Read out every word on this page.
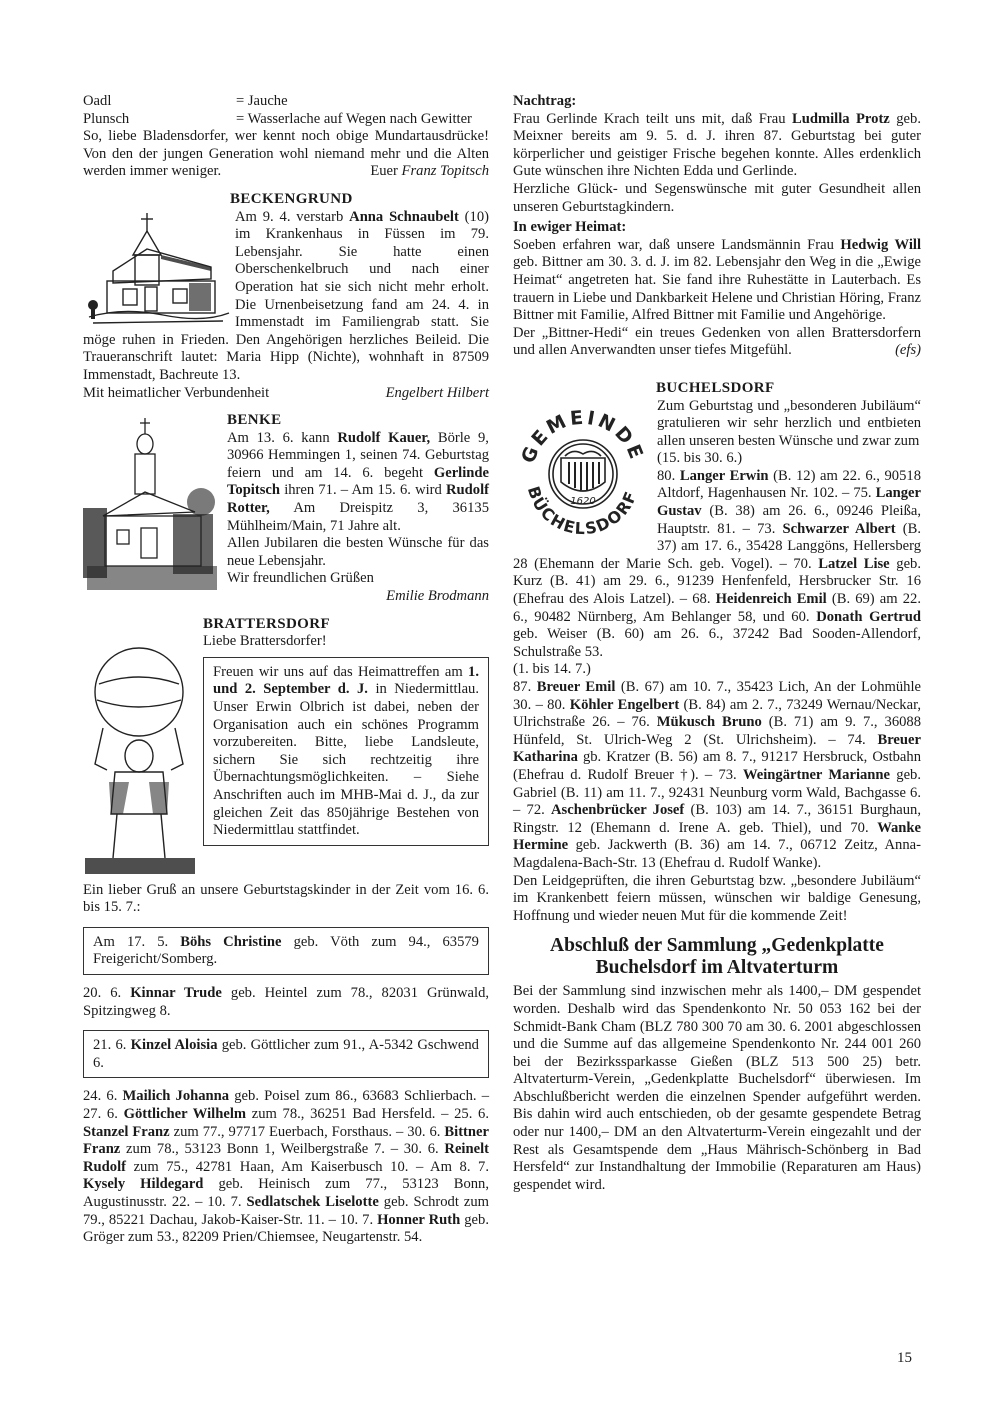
Oadl	= Jauche
Plunsch	= Wasserlache auf Wegen nach Gewitter

So, liebe Bladensdorfer, wer kennt noch obige Mundartausdrücke! Von den der jungen Generation wohl niemand mehr und die Alten werden immer weniger.	Euer Franz Topitsch

BECKENGRUND

Am 9. 4. verstarb Anna Schnaubelt (10) im Krankenhaus in Füssen im 79. Lebensjahr. Sie hatte einen Oberschenkelbruch und nach einer Operation hat sie sich nicht mehr erholt. Die Urnenbeisetzung fand am 24. 4. in Immenstadt im Familiengrab statt. Sie möge ruhen in Frieden. Den Angehörigen herzliches Beileid. Die Traueranschrift lautet: Maria Hipp (Nichte), wohnhaft in 87509 Immenstadt, Bachreute 13.

Mit heimatlicher Verbundenheit	Engelbert Hilbert
BENKE

Am 13. 6. kann Rudolf Kauer, Börle 9, 30966 Hemmingen 1, seinen 74. Geburtstag feiern und am 14. 6. begeht Gerlinde Topitsch ihren 71. – Am 15. 6. wird Rudolf Rotter, Am Dreispitz 3, 36135 Mühlheim/Main, 71 Jahre alt.

Allen Jubilaren die besten Wünsche für das neue Lebensjahr.

Wir freundlichen Grüßen

Emilie Brodmann

BRATTERSDORF

Liebe Brattersdorfer!

Freuen wir uns auf das Heimattreffen am 1. und 2. September d. J. in Niedermittlau. Unser Erwin Olbrich ist dabei, neben der Organisation auch ein schönes Programm vorzubereiten. Bitte, liebe Landsleute, sichern Sie sich rechtzeitig ihre Übernachtungsmöglichkeiten. – Siehe Anschriften auch im MHB-Mai d. J., da zur gleichen Zeit das 850jährige Bestehen von Niedermittlau stattfindet.

Ein lieber Gruß an unsere Geburtstagskinder in der Zeit vom 16. 6. bis 15. 7.:

Am 17. 5. Böhs Christine geb. Vöth zum 94., 63579 Freigericht/Somberg.

20. 6. Kinnar Trude geb. Heintel zum 78., 82031 Grünwald, Spitzingweg 8.

21. 6. Kinzel Aloisia geb. Göttlicher zum 91., A-5342 Gschwend 6.

24. 6. Mailich Johanna geb. Poisel zum 86., 63683 Schlierbach. – 27. 6. Göttlicher Wilhelm zum 78., 36251 Bad Hersfeld. – 25. 6. Stanzel Franz zum 77., 97717 Euerbach, Forsthaus. – 30. 6. Bittner Franz zum 78., 53123 Bonn 1, Weilbergstraße 7. – 30. 6. Reinelt Rudolf zum 75., 42781 Haan, Am Kaiserbusch 10. – Am 8. 7. Kysely Hildegard geb. Heinisch zum 77., 53123 Bonn, Augustinusstr. 22. – 10. 7. Sedlatschek Liselotte geb. Schrodt zum 79., 85221 Dachau, Jakob-Kaiser-Str. 11. – 10. 7. Honner Ruth geb. Gröger zum 53., 82209 Prien/Chiemsee, Neugartenstr. 54.

Nachtrag:

Frau Gerlinde Krach teilt uns mit, daß Frau Ludmilla Protz geb. Meixner bereits am 9. 5. d. J. ihren 87. Geburtstag bei guter körperlicher und geistiger Frische begehen konnte. Alles erdenklich Gute wünschen ihre Nichten Edda und Gerlinde.

Herzliche Glück- und Segenswünsche mit guter Gesundheit allen unseren Geburtstagkindern.

In ewiger Heimat:

Soeben erfahren war, daß unsere Landsmännin Frau Hedwig Will geb. Bittner am 30. 3. d. J. im 82. Lebensjahr den Weg in die „Ewige Heimat“ angetreten hat. Sie fand ihre Ruhestätte in Lauterbach. Es trauern in Liebe und Dankbarkeit Helene und Christian Höring, Franz Bittner mit Familie, Alfred Bittner mit Familie und Angehörige.

Der „Bittner-Hedi“ ein treues Gedenken von allen Brattersdorfern und allen Anverwandten unser tiefes Mitgefühl.	(efs)

BUCHELSDORF
GEMEINDE
BÜCHELSDORF
1620

Zum Geburtstag und „besonderen Jubiläum“ gratulieren wir sehr herzlich und entbieten allen unseren besten Wünsche und zwar zum

(15. bis 30. 6.)

80. Langer Erwin (B. 12) am 22. 6., 90518 Altdorf, Hagenhausen Nr. 102. – 75. Langer Gustav (B. 38) am 26. 6., 09246 Pleißa, Hauptstr. 81. – 73. Schwarzer Albert (B. 37) am 17. 6., 35428 Langgöns, Hellersberg 28 (Ehemann der Marie Sch. geb. Vogel). – 70. Latzel Lise geb. Kurz (B. 41) am 29. 6., 91239 Henfenfeld, Hersbrucker Str. 16 (Ehefrau des Alois Latzel). – 68. Heidenreich Emil (B. 69) am 22. 6., 90482 Nürnberg, Am Behlanger 58, und 60. Donath Gertrud geb. Weiser (B. 60) am 26. 6., 37242 Bad Sooden-Allendorf, Schulstraße 53.

(1. bis 14. 7.)

87. Breuer Emil (B. 67) am 10. 7., 35423 Lich, An der Lohmühle 30. – 80. Köhler Engelbert (B. 84) am 2. 7., 73249 Wernau/Neckar, Ulrichstraße 26. – 76. Mükusch Bruno (B. 71) am 9. 7., 36088 Hünfeld, St. Ulrich-Weg 2 (St. Ulrichsheim). – 74. Breuer Katharina gb. Kratzer (B. 56) am 8. 7., 91217 Hersbruck, Ostbahn (Ehefrau d. Rudolf Breuer †). – 73. Weingärtner Marianne geb. Gabriel (B. 11) am 11. 7., 92431 Neunburg vorm Wald, Bachgasse 6. – 72. Aschenbrücker Josef (B. 103) am 14. 7., 36151 Burghaun, Ringstr. 12 (Ehemann d. Irene A. geb. Thiel), und 70. Wanke Hermine geb. Jackwerth (B. 36) am 14. 7., 06712 Zeitz, Anna-Magdalena-Bach-Str. 13 (Ehefrau d. Rudolf Wanke).

Den Leidgeprüften, die ihren Geburtstag bzw. „besondere Jubiläum“ im Krankenbett feiern müssen, wünschen wir baldige Genesung, Hoffnung und wieder neuen Mut für die kommende Zeit!

Abschluß der Sammlung „Gedenkplatte
Buchelsdorf im Altvaterturm

Bei der Sammlung sind inzwischen mehr als 1400,– DM gespendet worden. Deshalb wird das Spendenkonto Nr. 50 053 162 bei der Schmidt-Bank Cham (BLZ 780 300 70 am 30. 6. 2001 abgeschlossen und die Summe auf das allgemeine Spendenkonto Nr. 244 001 260 bei der Bezirkssparkasse Gießen (BLZ 513 500 25) betr. Altvaterturm-Verein, „Gedenkplatte Buchelsdorf“ überwiesen. Im Abschlußbericht werden die einzelnen Spender aufgeführt werden. Bis dahin wird auch entschieden, ob der gesamte gespendete Betrag oder nur 1400,– DM an den Altvaterturm-Verein eingezahlt und der Rest als Gesamtspende dem „Haus Mährisch-Schönberg in Bad Hersfeld“ zur Instandhaltung der Immobilie (Reparaturen am Haus) gespendet wird.

15
